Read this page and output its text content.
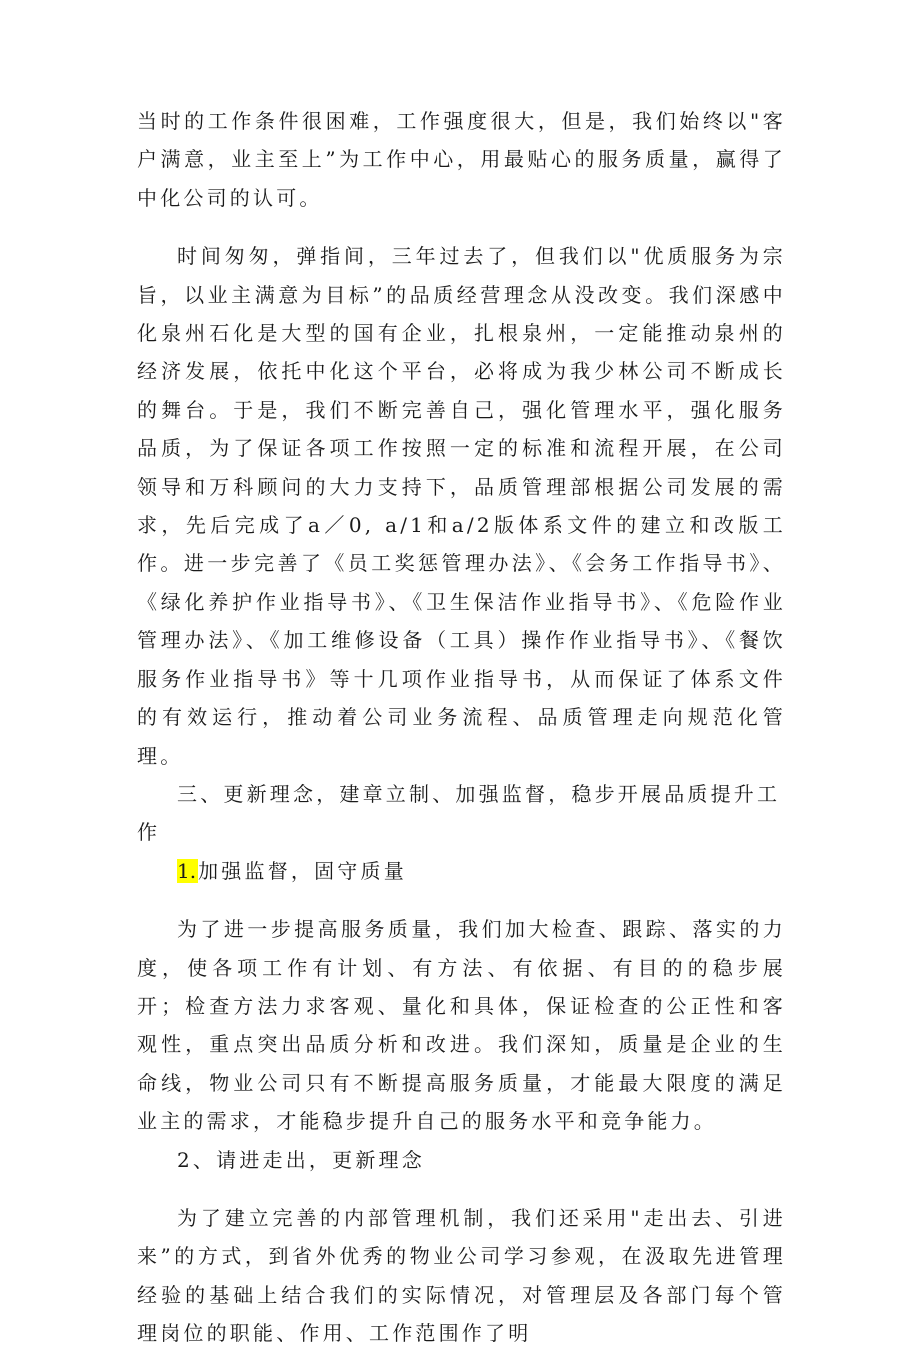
当时的工作条件很困难，工作强度很大，但是，我们始终以"客户满意，业主至上”为工作中心，用最贴心的服务质量，赢得了中化公司的认可。

时间匆匆，弹指间，三年过去了，但我们以"优质服务为宗旨，以业主满意为目标”的品质经营理念从没改变。我们深感中化泉州石化是大型的国有企业，扎根泉州，一定能推动泉州的经济发展，依托中化这个平台，必将成为我少林公司不断成长的舞台。于是，我们不断完善自己，强化管理水平，强化服务品质，为了保证各项工作按照一定的标准和流程开展，在公司领导和万科顾问的大力支持下，品质管理部根据公司发展的需求，先后完成了a／0, a/1和a/2版体系文件的建立和改版工作。进一步完善了《员工奖惩管理办法》、《会务工作指导书》、《绿化养护作业指导书》、《卫生保洁作业指导书》、《危险作业管理办法》、《加工维修设备（工具）操作作业指导书》、《餐饮服务作业指导书》等十几项作业指导书，从而保证了体系文件的有效运行，推动着公司业务流程、品质管理走向规范化管理。

三、更新理念，建章立制、加强监督，稳步开展品质提升工作

1. 加强监督，固守质量

为了进一步提高服务质量，我们加大检查、跟踪、落实的力度，使各项工作有计划、有方法、有依据、有目的的稳步展开；检查方法力求客观、量化和具体，保证检查的公正性和客观性，重点突出品质分析和改进。我们深知，质量是企业的生命线，物业公司只有不断提高服务质量，才能最大限度的满足业主的需求，才能稳步提升自己的服务水平和竞争能力。

2、请进走出，更新理念

为了建立完善的内部管理机制，我们还采用"走出去、引进来”的方式，到省外优秀的物业公司学习参观，在汲取先进管理经验的基础上结合我们的实际情况，对管理层及各部门每个管理岗位的职能、作用、工作范围作了明
